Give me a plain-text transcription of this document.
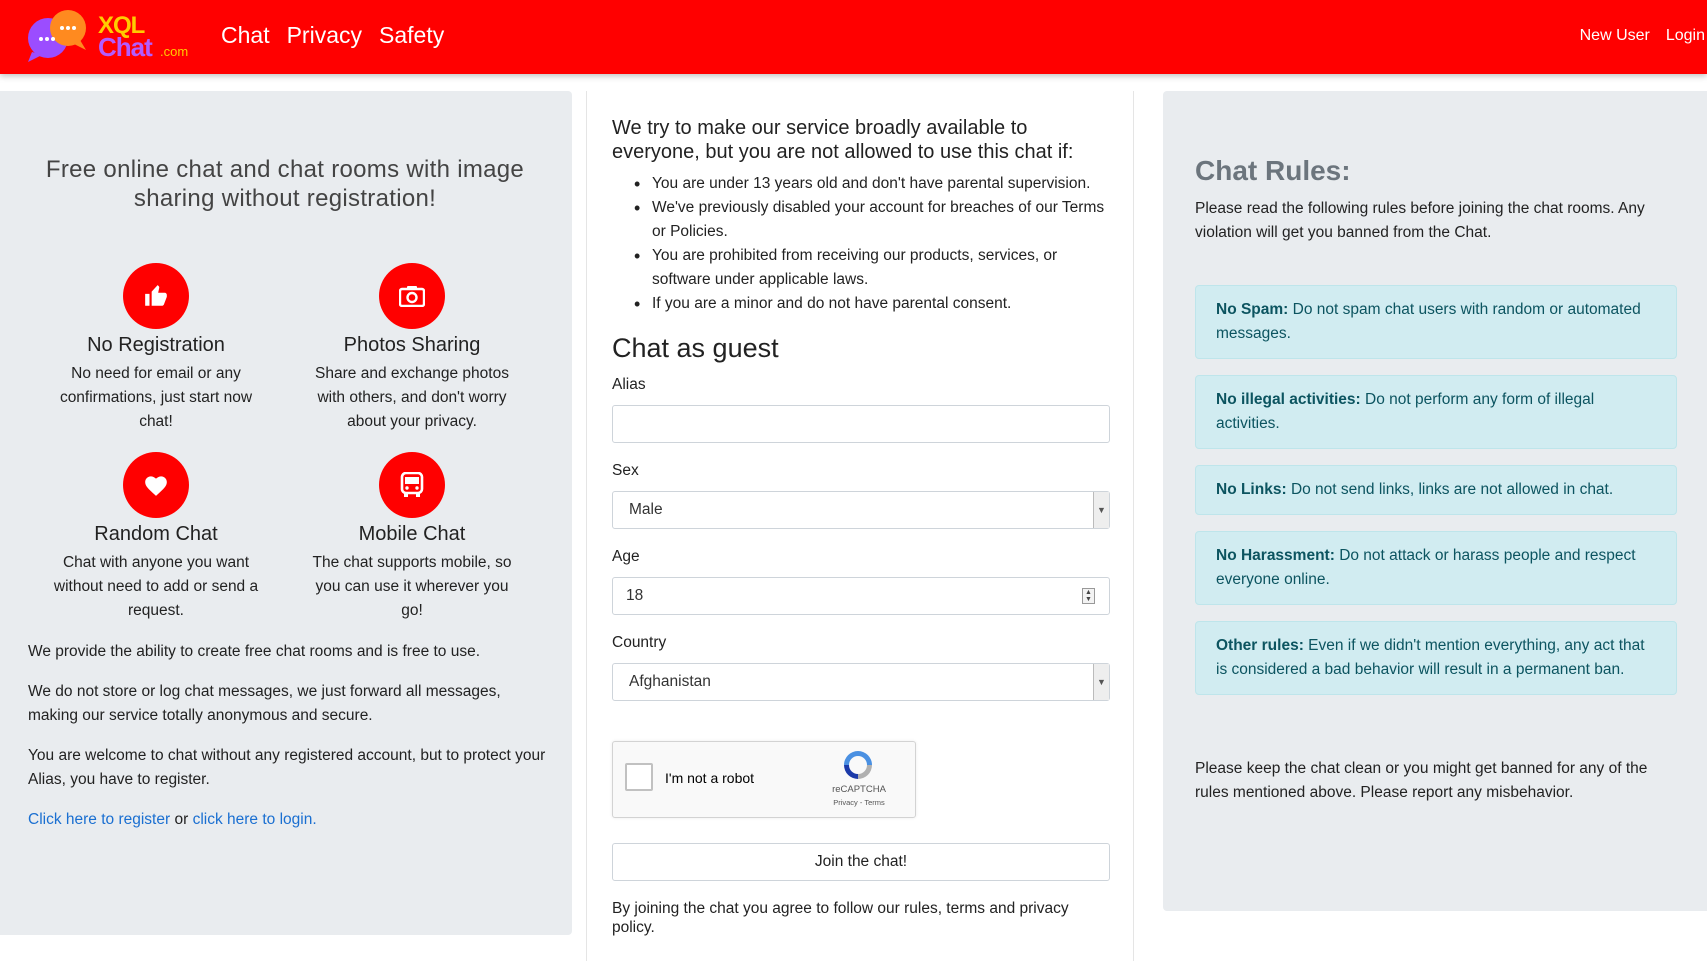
XQL
Chat .com
Chat Privacy Safety	New User Login
Free online chat and chat rooms with image sharing without registration!
No Registration
No need for email or any confirmations, just start now chat!
Photos Sharing
Share and exchange photos with others, and don't worry about your privacy.
Random Chat
Chat with anyone you want without need to add or send a request.
Mobile Chat
The chat supports mobile, so you can use it wherever you go!
We provide the ability to create free chat rooms and is free to use.
We do not store or log chat messages, we just forward all messages, making our service totally anonymous and secure.
You are welcome to chat without any registered account, but to protect your Alias, you have to register.
Click here to register or click here to login.
We try to make our service broadly available to everyone, but you are not allowed to use this chat if:
• You are under 13 years old and don't have parental supervision.
• We've previously disabled your account for breaches of our Terms or Policies.
• You are prohibited from receiving our products, services, or software under applicable laws.
• If you are a minor and do not have parental consent.
Chat as guest
Alias
Sex
Male	▼
Age
18	▲
▼
Country
Afghanistan	▼
I'm not a robot
reCAPTCHA
Privacy - Terms
Join the chat!
By joining the chat you agree to follow our rules, terms and privacy policy.
Chat Rules:
Please read the following rules before joining the chat rooms. Any violation will get you banned from the Chat.
No Spam: Do not spam chat users with random or automated messages.
No illegal activities: Do not perform any form of illegal activities.
No Links: Do not send links, links are not allowed in chat.
No Harassment: Do not attack or harass people and respect everyone online.
Other rules: Even if we didn't mention everything, any act that is considered a bad behavior will result in a permanent ban.
Please keep the chat clean or you might get banned for any of the rules mentioned above. Please report any misbehavior.
